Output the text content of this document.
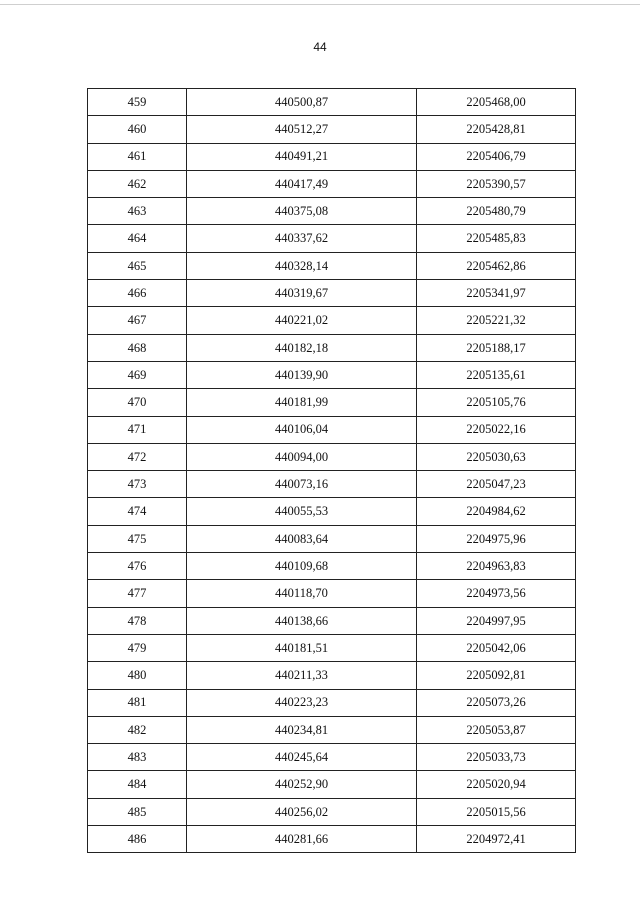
44
459	440500,87	2205468,00
460	440512,27	2205428,81
461	440491,21	2205406,79
462	440417,49	2205390,57
463	440375,08	2205480,79
464	440337,62	2205485,83
465	440328,14	2205462,86
466	440319,67	2205341,97
467	440221,02	2205221,32
468	440182,18	2205188,17
469	440139,90	2205135,61
470	440181,99	2205105,76
471	440106,04	2205022,16
472	440094,00	2205030,63
473	440073,16	2205047,23
474	440055,53	2204984,62
475	440083,64	2204975,96
476	440109,68	2204963,83
477	440118,70	2204973,56
478	440138,66	2204997,95
479	440181,51	2205042,06
480	440211,33	2205092,81
481	440223,23	2205073,26
482	440234,81	2205053,87
483	440245,64	2205033,73
484	440252,90	2205020,94
485	440256,02	2205015,56
486	440281,66	2204972,41
